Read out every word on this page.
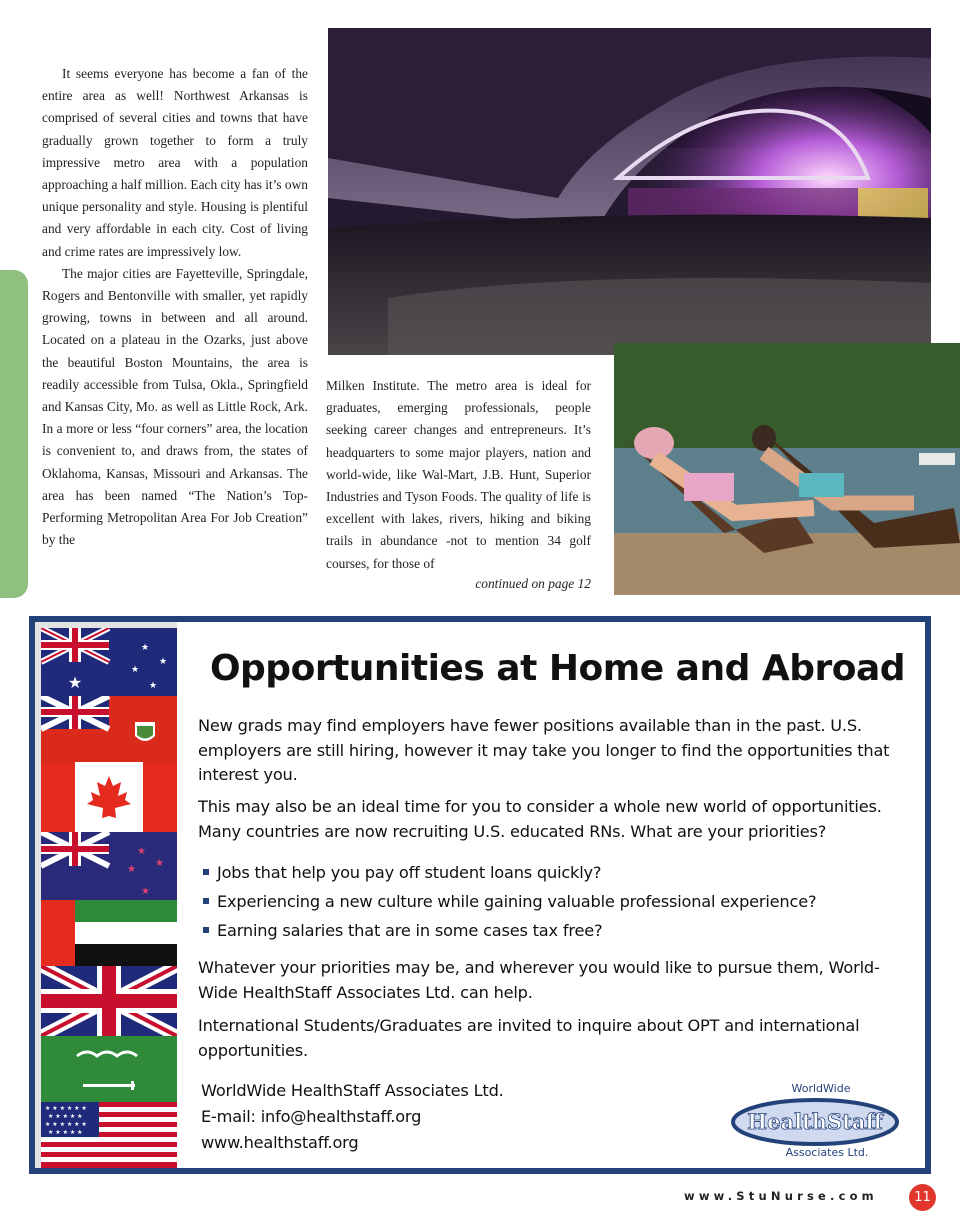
It seems everyone has become a fan of the entire area as well! Northwest Arkansas is comprised of several cities and towns that have gradually grown together to form a truly impressive metro area with a population approaching a half million. Each city has it’s own unique personality and style. Housing is plentiful and very affordable in each city. Cost of living and crime rates are impressively low.

The major cities are Fayetteville, Springdale, Rogers and Bentonville with smaller, yet rapidly growing, towns in between and all around. Located on a plateau in the Ozarks, just above the beautiful Boston Mountains, the area is readily accessible from Tulsa, Okla., Springfield and Kansas City, Mo. as well as Little Rock, Ark. In a more or less “four corners” area, the location is convenient to, and draws from, the states of Oklahoma, Kansas, Missouri and Arkansas. The area has been named “The Nation’s Top-Performing Metropolitan Area For Job Creation” by the

Milken Institute. The metro area is ideal for graduates, emerging professionals, people seeking career changes and entrepreneurs. It’s headquarters to some major players, nation and world-wide, like Wal-Mart, J.B. Hunt, Superior Industries and Tyson Foods. The quality of life is excellent with lakes, rivers, hiking and biking trails in abundance -not to mention 34 golf courses, for those of

continued on page 12
★
★
★
★
★
★
★
★
★
★ ★ ★ ★ ★ ★
★ ★ ★ ★ ★
★ ★ ★ ★ ★ ★
★ ★ ★ ★ ★
Opportunities at Home and Abroad
New grads may find employers have fewer positions available than in the past. U.S. employers are still hiring, however it may take you longer to find the opportunities that interest you.
This may also be an ideal time for you to consider a whole new world of opportunities. Many countries are now recruiting U.S. educated RNs. What are your priorities?
Jobs that help you pay off student loans quickly?
Experiencing a new culture while gaining valuable professional experience?
Earning salaries that are in some cases tax free?
Whatever your priorities may be, and wherever you would like to pursue them, World-Wide HealthStaff Associates Ltd. can help.
International Students/Graduates are invited to inquire about OPT and international opportunities.
WorldWide HealthStaff Associates Ltd.
E-mail: info@healthstaff.org
www.healthstaff.org
WorldWide
HealthStaff
Associates Ltd.
www.StuNurse.com	11
